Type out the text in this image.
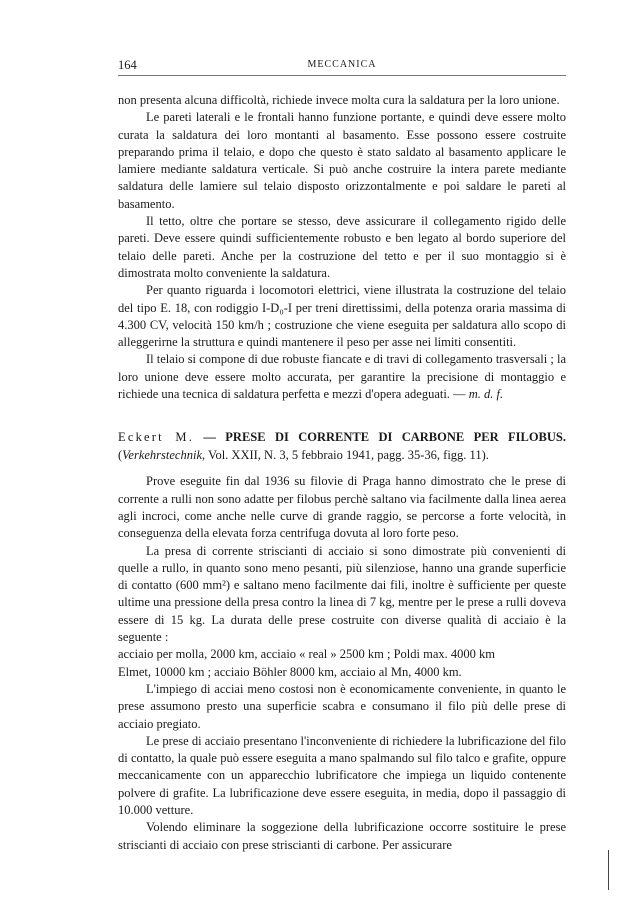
164	MECCANICA

non presenta alcuna difficoltà, richiede invece molta cura la saldatura per la loro unione.

Le pareti laterali e le frontali hanno funzione portante, e quindi deve essere molto curata la saldatura dei loro montanti al basamento. Esse possono essere costruite preparando prima il telaio, e dopo che questo è stato saldato al basamento applicare le lamiere mediante saldatura verticale. Si può anche costruire la intera parete mediante saldatura delle lamiere sul telaio disposto orizzontalmente e poi saldare le pareti al basamento.

Il tetto, oltre che portare se stesso, deve assicurare il collegamento rigido delle pareti. Deve essere quindi sufficientemente robusto e ben legato al bordo superiore del telaio delle pareti. Anche per la costruzione del tetto e per il suo montaggio si è dimostrata molto conveniente la saldatura.

Per quanto riguarda i locomotori elettrici, viene illustrata la costruzione del telaio del tipo E. 18, con rodiggio I-D₀-I per treni direttissimi, della potenza oraria massima di 4.300 CV, velocità 150 km/h ; costruzione che viene eseguita per saldatura allo scopo di alleggerirne la struttura e quindi mantenere il peso per asse nei limiti consentiti.

Il telaio si compone di due robuste fiancate e di travi di collegamento trasversali ; la loro unione deve essere molto accurata, per garantire la precisione di montaggio e richiede una tecnica di saldatura perfetta e mezzi d'opera adeguati. — m. d. f.

Eckert M. — PRESE DI CORRENTE DI CARBONE PER FILOBUS. (Verkehrstechnik, Vol. XXII, N. 3, 5 febbraio 1941, pagg. 35-36, figg. 11).

Prove eseguite fin dal 1936 su filovie di Praga hanno dimostrato che le prese di corrente a rulli non sono adatte per filobus perchè saltano via facilmente dalla linea aerea agli incroci, come anche nelle curve di grande raggio, se percorse a forte velocità, in conseguenza della elevata forza centrifuga dovuta al loro forte peso.

La presa di corrente striscianti di acciaio si sono dimostrate più convenienti di quelle a rullo, in quanto sono meno pesanti, più silenziose, hanno una grande superficie di contatto (600 mm²) e saltano meno facilmente dai fili, inoltre è sufficiente per queste ultime una pressione della presa contro la linea di 7 kg, mentre per le prese a rulli doveva essere di 15 kg. La durata delle prese costruite con diverse qualità di acciaio è la seguente :

acciaio per molla, 2000 km, acciaio « real » 2500 km ; Poldi max. 4000 km

Elmet, 10000 km ; acciaio Böhler 8000 km, acciaio al Mn, 4000 km.

L'impiego di acciai meno costosi non è economicamente conveniente, in quanto le prese assumono presto una superficie scabra e consumano il filo più delle prese di acciaio pregiato.

Le prese di acciaio presentano l'inconveniente di richiedere la lubrificazione del filo di contatto, la quale può essere eseguita a mano spalmando sul filo talco e grafite, oppure meccanicamente con un apparecchio lubrificatore che impiega un liquido contenente polvere di grafite. La lubrificazione deve essere eseguita, in media, dopo il passaggio di 10.000 vetture.

Volendo eliminare la soggezione della lubrificazione occorre sostituire le prese striscianti di acciaio con prese striscianti di carbone. Per assicurare
